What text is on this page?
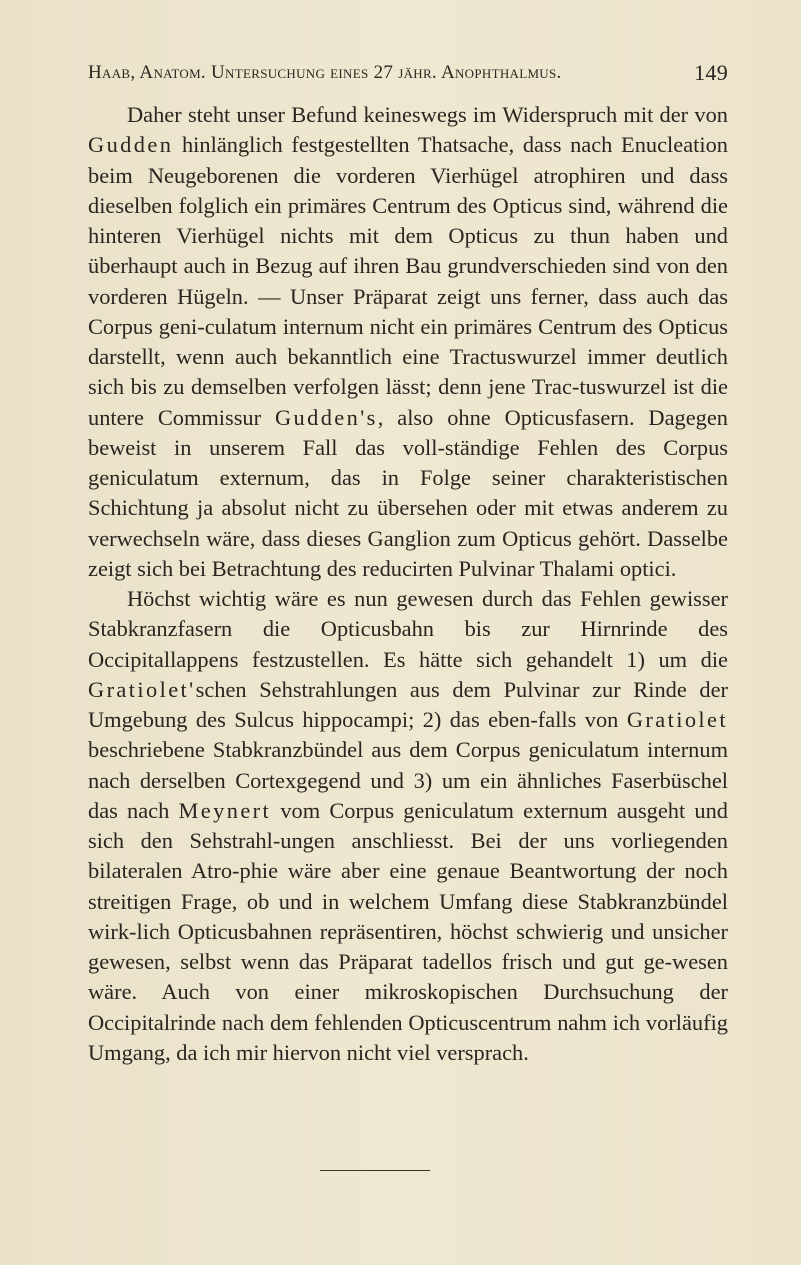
Haab, Anatom. Untersuchung eines 27 jähr. Anophthalmus.	149

Daher steht unser Befund keineswegs im Widerspruch mit der von Gudden hinlänglich festgestellten Thatsache, dass nach Enucleation beim Neugeborenen die vorderen Vierhügel atrophiren und dass dieselben folglich ein primäres Centrum des Opticus sind, während die hinteren Vierhügel nichts mit dem Opticus zu thun haben und überhaupt auch in Bezug auf ihren Bau grundverschieden sind von den vorderen Hügeln. — Unser Präparat zeigt uns ferner, dass auch das Corpus geni-culatum internum nicht ein primäres Centrum des Opticus darstellt, wenn auch bekanntlich eine Tractuswurzel immer deutlich sich bis zu demselben verfolgen lässt; denn jene Trac-tuswurzel ist die untere Commissur Gudden's, also ohne Opticusfasern. Dagegen beweist in unserem Fall das voll-ständige Fehlen des Corpus geniculatum externum, das in Folge seiner charakteristischen Schichtung ja absolut nicht zu übersehen oder mit etwas anderem zu verwechseln wäre, dass dieses Ganglion zum Opticus gehört. Dasselbe zeigt sich bei Betrachtung des reducirten Pulvinar Thalami optici.

Höchst wichtig wäre es nun gewesen durch das Fehlen gewisser Stabkranzfasern die Opticusbahn bis zur Hirnrinde des Occipitallappens festzustellen. Es hätte sich gehandelt 1) um die Gratiolet'schen Sehstrahlungen aus dem Pulvinar zur Rinde der Umgebung des Sulcus hippocampi; 2) das eben-falls von Gratiolet beschriebene Stabkranzbündel aus dem Corpus geniculatum internum nach derselben Cortexgegend und 3) um ein ähnliches Faserbüschel das nach Meynert vom Corpus geniculatum externum ausgeht und sich den Sehstrahl-ungen anschliesst. Bei der uns vorliegenden bilateralen Atro-phie wäre aber eine genaue Beantwortung der noch streitigen Frage, ob und in welchem Umfang diese Stabkranzbündel wirk-lich Opticusbahnen repräsentiren, höchst schwierig und unsicher gewesen, selbst wenn das Präparat tadellos frisch und gut ge-wesen wäre. Auch von einer mikroskopischen Durchsuchung der Occipitalrinde nach dem fehlenden Opticuscentrum nahm ich vorläufig Umgang, da ich mir hiervon nicht viel versprach.
